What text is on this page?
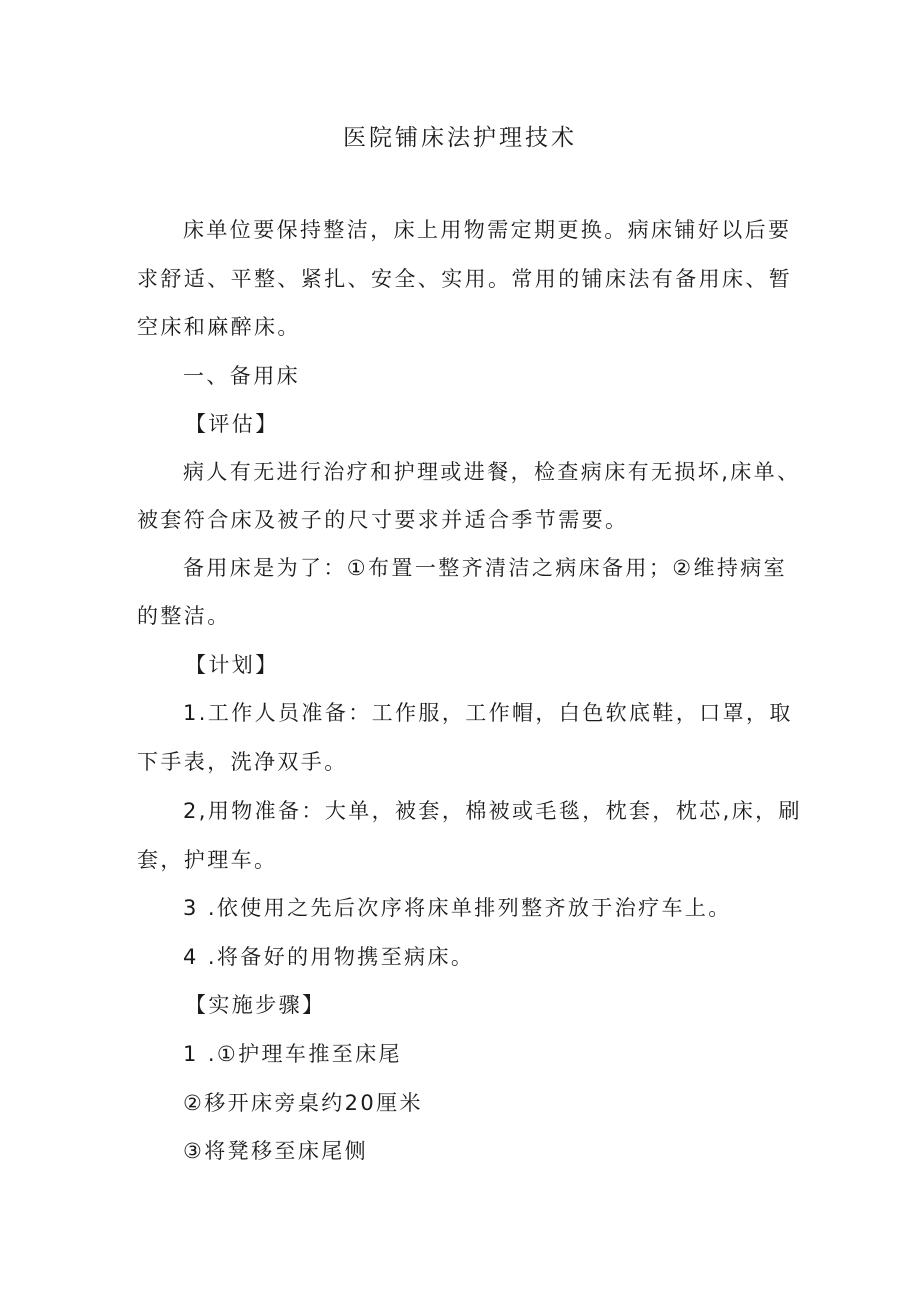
医院铺床法护理技术
床单位要保持整洁，床上用物需定期更换。病床铺好以后要
求舒适、平整、紧扎、安全、实用。常用的铺床法有备用床、暂
空床和麻醉床。
一、备用床
【评估】
病人有无进行治疗和护理或进餐，检查病床有无损坏,床单、
被套符合床及被子的尺寸要求并适合季节需要。
备用床是为了：①布置一整齐清洁之病床备用；②维持病室
的整洁。
【计划】
1.工作人员准备：工作服，工作帽，白色软底鞋，口罩，取
下手表，洗净双手。
2,用物准备：大单，被套，棉被或毛毯，枕套，枕芯,床，刷
套，护理车。
3 .依使用之先后次序将床单排列整齐放于治疗车上。
4 .将备好的用物携至病床。
【实施步骤】
1 .①护理车推至床尾
②移开床旁桌约20厘米
③将凳移至床尾侧
